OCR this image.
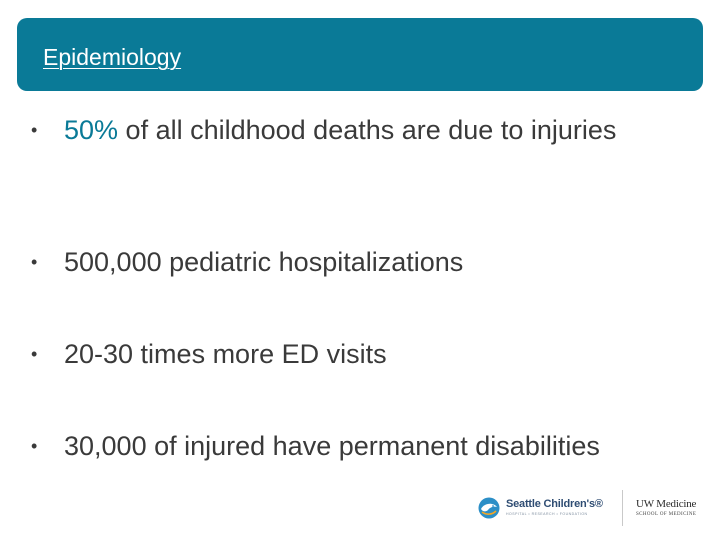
Epidemiology
• 50% of all childhood deaths are due to injuries
• 500,000 pediatric hospitalizations
• 20-30 times more ED visits
• 30,000 of injured have permanent disabilities
Seattle Children's®
HOSPITAL • RESEARCH • FOUNDATION
UW Medicine
SCHOOL OF MEDICINE
